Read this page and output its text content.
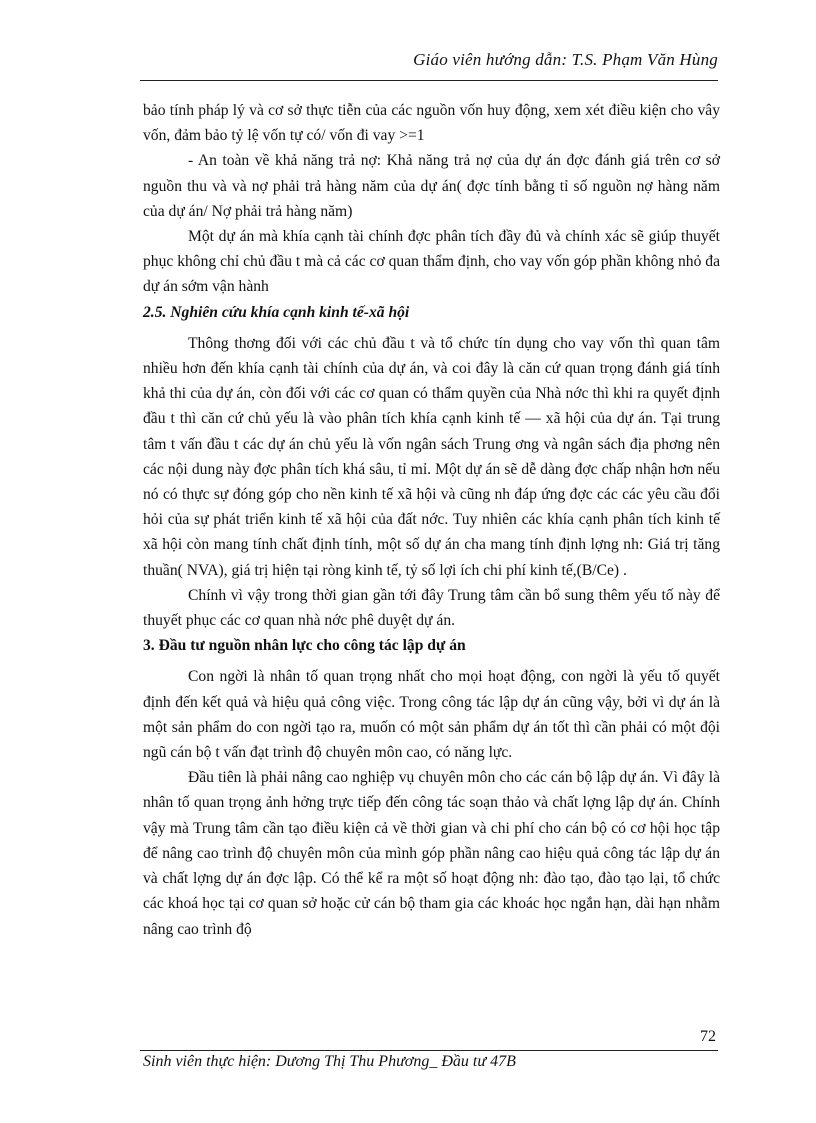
Giáo viên hướng dẫn: T.S. Phạm Văn Hùng

bảo tính pháp lý và cơ sở thực tiễn của các nguồn vốn huy động, xem xét điều kiện cho vây vốn, đảm bảo tỷ lệ vốn tự có/ vốn đi vay >=1

- An toàn về khả năng trả nợ: Khả năng trả nợ của dự án đợc đánh giá trên cơ sở nguồn thu và và nợ phải trả hàng năm của dự án( đợc tính bằng tỉ số nguồn nợ hàng năm của dự án/ Nợ phải trả hàng năm)

Một dự án mà khía cạnh tài chính đợc phân tích đầy đủ và chính xác sẽ giúp thuyết phục không chỉ chủ đầu t mà cả các cơ quan thẩm định, cho vay vốn góp phần không nhỏ đa dự án sớm vận hành

2.5. Nghiên cứu khía cạnh kinh tế-xã hội

Thông thơng đối với các chủ đầu t và tổ chức tín dụng cho vay vốn thì quan tâm nhiều hơn đến khía cạnh tài chính của dự án, và coi đây là căn cứ quan trọng đánh giá tính khả thi của dự án, còn đối với các cơ quan có thẩm quyền của Nhà nớc thì khi ra quyết định đầu t thì căn cứ chủ yếu là vào phân tích khía cạnh kinh tế — xã hội của dự án. Tại trung tâm t vấn đầu t các dự án chủ yếu là vốn ngân sách Trung ơng và ngân sách địa phơng nên các nội dung này đợc phân tích khá sâu, tỉ mỉ. Một dự án sẽ dễ dàng đợc chấp nhận hơn nếu nó có thực sự đóng góp cho nền kinh tế xã hội và cũng nh đáp ứng đợc các các yêu cầu đổi hỏi của sự phát triển kinh tế xã hội của đất nớc. Tuy nhiên các khía cạnh phân tích kinh tế xã hội còn mang tính chất định tính, một số dự án cha mang tính định lợng nh: Giá trị tăng thuần( NVA), giá trị hiện tại ròng kinh tế, tỷ số lợi ích chi phí kinh tế,(B/Ce) .

Chính vì vậy trong thời gian gần tới đây Trung tâm cần bổ sung thêm yếu tố này để thuyết phục các cơ quan nhà nớc phê duyệt dự án.

3. Đầu tư nguồn nhân lực cho công tác lập dự án

Con ngời là nhân tố quan trọng nhất cho mọi hoạt động, con ngời là yếu tố quyết định đến kết quả và hiệu quả công việc. Trong công tác lập dự án cũng vậy, bởi vì dự án là một sản phẩm do con ngời tạo ra, muốn có một sản phẩm dự án tốt thì cần phải có một đội ngũ cán bộ t vấn đạt trình độ chuyên môn cao, có năng lực.

Đầu tiên là phải nâng cao nghiệp vụ chuyên môn cho các cán bộ lập dự án. Vì đây là nhân tố quan trọng ảnh hởng trực tiếp đến công tác soạn thảo và chất lợng lập dự án. Chính vậy mà Trung tâm cần tạo điều kiện cả về thời gian và chi phí cho cán bộ có cơ hội học tập để nâng cao trình độ chuyên môn của mình góp phần nâng cao hiệu quả công tác lập dự án và chất lợng dự án đợc lập. Có thể kể ra một số hoạt động nh: đào tạo, đào tạo lại, tổ chức các khoá học tại cơ quan sở hoặc cử cán bộ tham gia các khoác học ngắn hạn, dài hạn nhằm nâng cao trình độ

72
Sinh viên thực hiện: Dương Thị Thu Phương_ Đầu tư 47B
